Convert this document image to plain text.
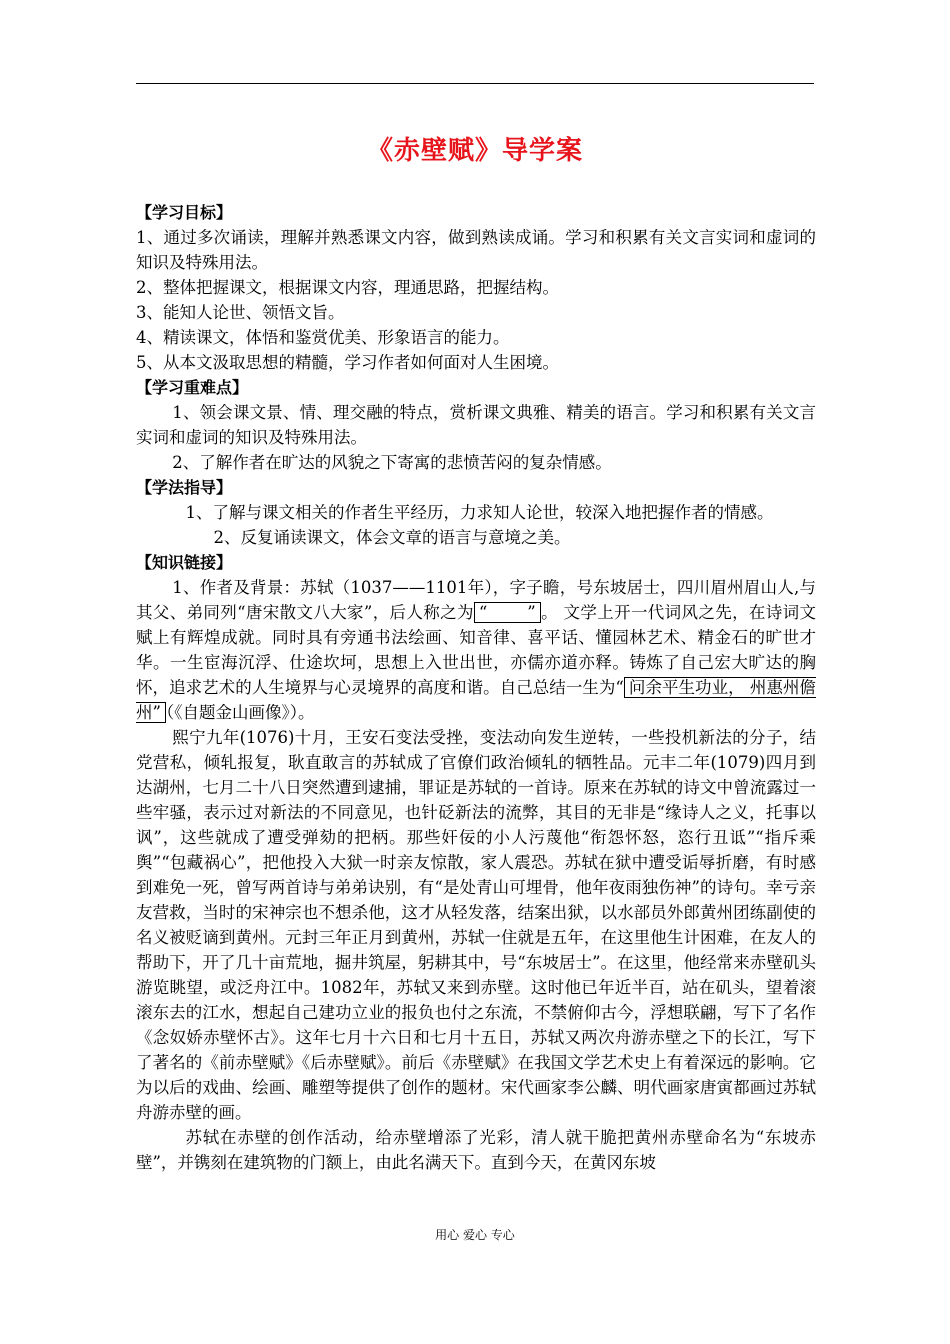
《赤壁赋》导学案

【学习目标】

1、通过多次诵读，理解并熟悉课文内容，做到熟读成诵。学习和积累有关文言实词和虚词的知识及特殊用法。

2、整体把握课文，根据课文内容，理通思路，把握结构。

3、能知人论世、领悟文旨。

4、精读课文，体悟和鉴赏优美、形象语言的能力。

5、从本文汲取思想的精髓，学习作者如何面对人生困境。

【学习重难点】

1、领会课文景、情、理交融的特点，赏析课文典雅、精美的语言。学习和积累有关文言实词和虚词的知识及特殊用法。

2、了解作者在旷达的风貌之下寄寓的悲愤苦闷的复杂情感。

【学法指导】

1、了解与课文相关的作者生平经历，力求知人论世，较深入地把握作者的情感。

2、反复诵读课文，体会文章的语言与意境之美。

【知识链接】

1、作者及背景：苏轼（1037——1101年），字子瞻，号东坡居士，四川眉州眉山人,与其父、弟同列“唐宋散文八大家”，后人称之为 “ ” 。 文学上开一代词风之先，在诗词文赋上有辉煌成就。同时具有旁通书法绘画、知音律、喜平话、懂园林艺术、精金石的旷世才华。一生宦海沉浮、仕途坎坷，思想上入世出世，亦儒亦道亦释。铸炼了自己宏大旷达的胸怀，追求艺术的人生境界与心灵境界的高度和谐。自己总结一生为“ 问余平生功业， 州惠州儋州” （《自题金山画像》）。

熙宁九年(1076)十月，王安石变法受挫，变法动向发生逆转，一些投机新法的分子，结党营私，倾轧报复，耿直敢言的苏轼成了官僚们政治倾轧的牺牲品。元丰二年(1079)四月到达湖州，七月二十八日突然遭到逮捕，罪证是苏轼的一首诗。原来在苏轼的诗文中曾流露过一些牢骚，表示过对新法的不同意见，也针砭新法的流弊，其目的无非是“缘诗人之义，托事以讽”，这些就成了遭受弹劾的把柄。那些奸佞的小人污蔑他“衔怨怀怒，恣行丑诋”“指斥乘舆”“包藏祸心”，把他投入大狱一时亲友惊散，家人震恐。苏轼在狱中遭受诟辱折磨，有时感到难免一死，曾写两首诗与弟弟诀别，有“是处青山可埋骨，他年夜雨独伤神”的诗句。幸亏亲友营救，当时的宋神宗也不想杀他，这才从轻发落，结案出狱，以水部员外郎黄州团练副使的名义被贬谪到黄州。元封三年正月到黄州，苏轼一住就是五年，在这里他生计困难，在友人的帮助下，开了几十亩荒地，掘井筑屋，躬耕其中，号“东坡居士”。在这里，他经常来赤壁矶头游览眺望，或泛舟江中。1082年，苏轼又来到赤壁。这时他已年近半百，站在矶头，望着滚滚东去的江水，想起自己建功立业的报负也付之东流，不禁俯仰古今，浮想联翩，写下了名作《念奴娇赤壁怀古》。这年七月十六日和七月十五日，苏轼又两次舟游赤壁之下的长江，写下了著名的《前赤壁赋》《后赤壁赋》。前后《赤壁赋》在我国文学艺术史上有着深远的影响。它为以后的戏曲、绘画、雕塑等提供了创作的题材。宋代画家李公麟、明代画家唐寅都画过苏轼舟游赤壁的画。

苏轼在赤壁的创作活动，给赤壁增添了光彩，清人就干脆把黄州赤壁命名为“东坡赤壁”，并镌刻在建筑物的门额上，由此名满天下。直到今天，在黄冈东坡

用心 爱心 专心
